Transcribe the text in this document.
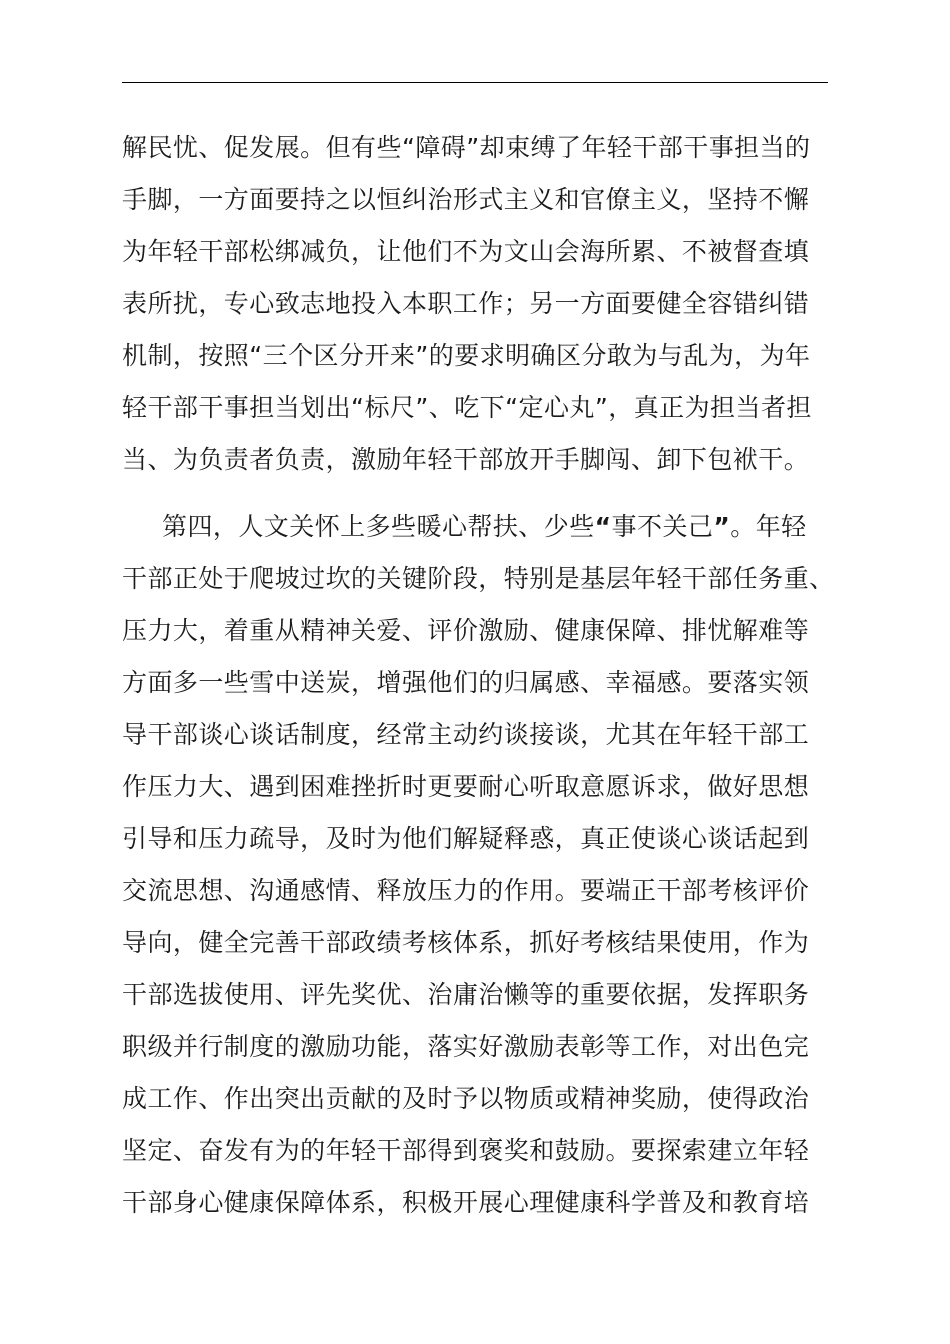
解民忧、促发展。但有些“障碍”却束缚了年轻干部干事担当的
手脚，一方面要持之以恒纠治形式主义和官僚主义，坚持不懈
为年轻干部松绑减负，让他们不为文山会海所累、不被督查填
表所扰，专心致志地投入本职工作；另一方面要健全容错纠错
机制，按照“三个区分开来”的要求明确区分敢为与乱为，为年
轻干部干事担当划出“标尺”、吃下“定心丸”，真正为担当者担
当、为负责者负责，激励年轻干部放开手脚闯、卸下包袱干。
第四，人文关怀上多些暖心帮扶、少些“事不关己”。年轻
干部正处于爬坡过坎的关键阶段，特别是基层年轻干部任务重、
压力大，着重从精神关爱、评价激励、健康保障、排忧解难等
方面多一些雪中送炭，增强他们的归属感、幸福感。要落实领
导干部谈心谈话制度，经常主动约谈接谈，尤其在年轻干部工
作压力大、遇到困难挫折时更要耐心听取意愿诉求，做好思想
引导和压力疏导，及时为他们解疑释惑，真正使谈心谈话起到
交流思想、沟通感情、释放压力的作用。要端正干部考核评价
导向，健全完善干部政绩考核体系，抓好考核结果使用，作为
干部选拔使用、评先奖优、治庸治懒等的重要依据，发挥职务
职级并行制度的激励功能，落实好激励表彰等工作，对出色完
成工作、作出突出贡献的及时予以物质或精神奖励，使得政治
坚定、奋发有为的年轻干部得到褒奖和鼓励。要探索建立年轻
干部身心健康保障体系，积极开展心理健康科学普及和教育培
